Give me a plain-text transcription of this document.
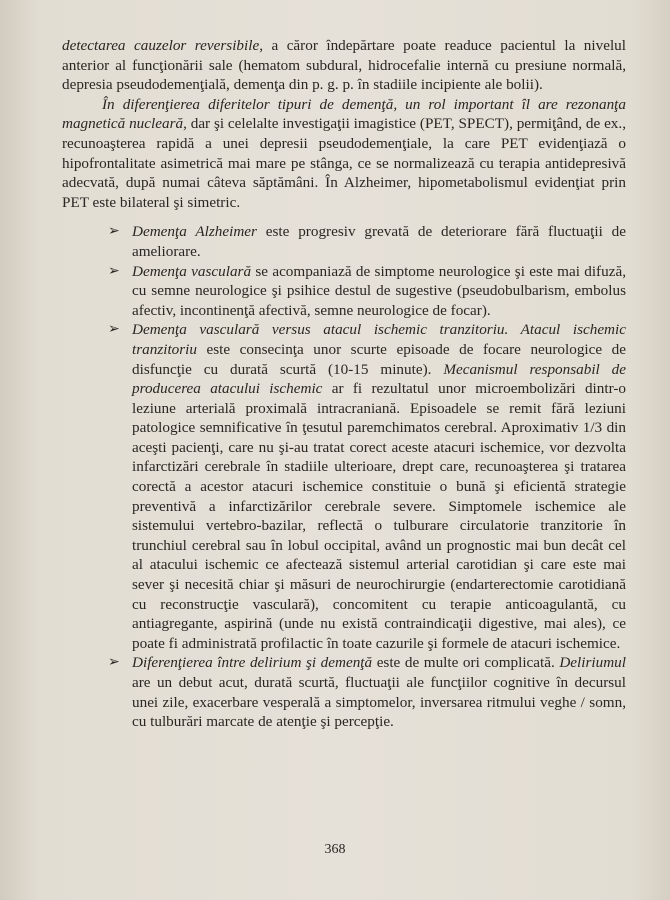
detectarea cauzelor reversibile, a căror îndepărtare poate readuce pacientul la nivelul anterior al funcţionării sale (hematom subdural, hidrocefalie internă cu presiune normală, depresia pseudodemenţială, demenţa din p. g. p. în stadiile incipiente ale bolii).

În diferenţierea diferitelor tipuri de demenţă, un rol important îl are rezonanţa magnetică nucleară, dar şi celelalte investigaţii imagistice (PET, SPECT), permiţând, de ex., recunoaşterea rapidă a unei depresii pseudodemenţiale, la care PET evidenţiază o hipofrontalitate asimetrică mai mare pe stânga, ce se normalizează cu terapia antidepresivă adecvată, după numai câteva săptămâni. În Alzheimer, hipometabolismul evidenţiat prin PET este bilateral şi simetric.

➢ Demenţa Alzheimer este progresiv grevată de deteriorare fără fluctuaţii de ameliorare.
➢ Demenţa vasculară se acompaniază de simptome neurologice şi este mai difuză, cu semne neurologice şi psihice destul de sugestive (pseudobulbarism, embolus afectiv, incontinenţă afectivă, semne neurologice de focar).
➢ Demenţa vasculară versus atacul ischemic tranzitoriu. Atacul ischemic tranzitoriu este consecinţa unor scurte episoade de focare neurologice de disfuncţie cu durată scurtă (10-15 minute). Mecanismul responsabil de producerea atacului ischemic ar fi rezultatul unor microembolizări dintr-o leziune arterială proximală intracraniană. Episoadele se remit fără leziuni patologice semnificative în ţesutul paremchimatos cerebral. Aproximativ 1/3 din aceşti pacienţi, care nu şi-au tratat corect aceste atacuri ischemice, vor dezvolta infarctizări cerebrale în stadiile ulterioare, drept care, recunoaşterea şi tratarea corectă a acestor atacuri ischemice constituie o bună şi eficientă strategie preventivă a infarctizărilor cerebrale severe. Simptomele ischemice ale sistemului vertebro-bazilar, reflectă o tulburare circulatorie tranzitorie în trunchiul cerebral sau în lobul occipital, având un prognostic mai bun decât cel al atacului ischemic ce afectează sistemul arterial carotidian şi care este mai sever şi necesită chiar şi măsuri de neurochirurgie (endarterectomie carotidiană cu reconstrucţie vasculară), concomitent cu terapie anticoagulantă, cu antiagregante, aspirină (unde nu există contraindicaţii digestive, mai ales), ce poate fi administrată profilactic în toate cazurile şi formele de atacuri ischemice.
➢ Diferenţierea între delirium şi demenţă este de multe ori complicată. Deliriumul are un debut acut, durată scurtă, fluctuaţii ale funcţiilor cognitive în decursul unei zile, exacerbare vesperală a simptomelor, inversarea ritmului veghe / somn, cu tulburări marcate de atenţie şi percepţie.
368
